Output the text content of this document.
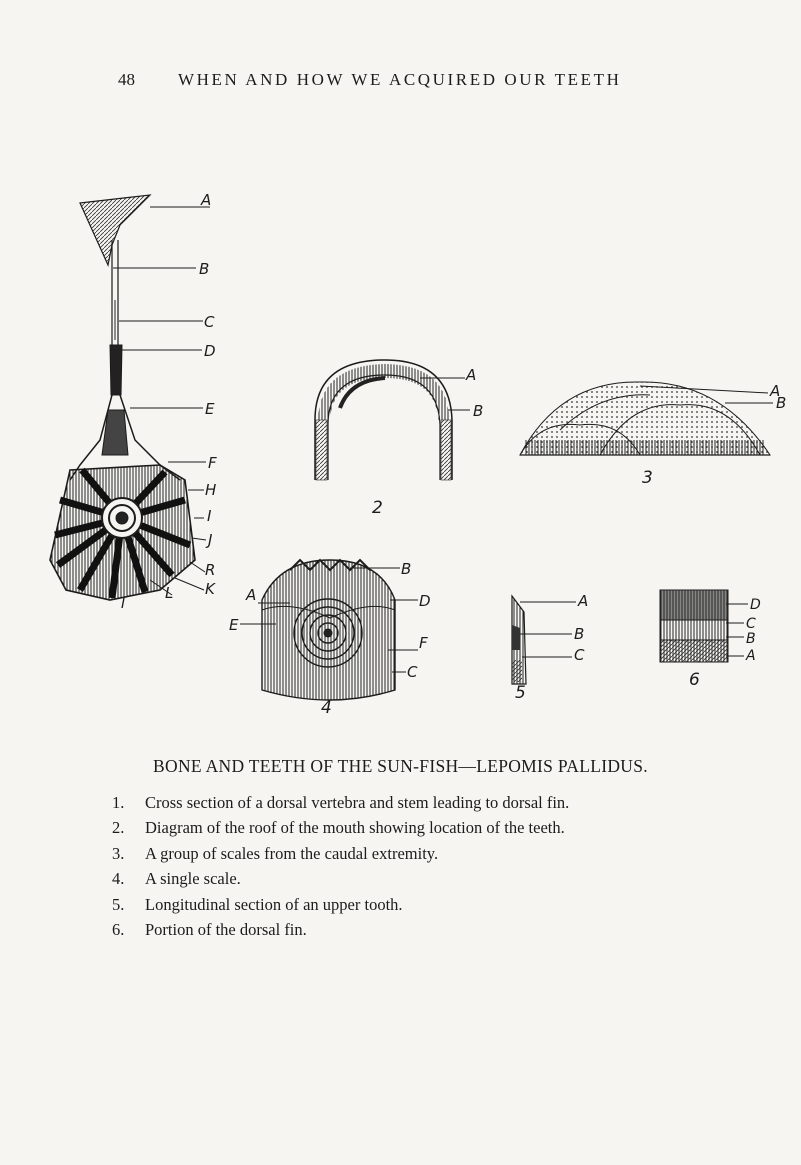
48	WHEN AND HOW WE ACQUIRED OUR TEETH
A
B
C
D
E
F
H
I
J
R
K
L
I
A
B
2
A
B
3
B
D
F
C
A
E
4
A
B
C
5
D
C
B
A
6
BONE AND TEETH OF THE SUN-FISH—LEPOMIS PALLIDUS.
1. Cross section of a dorsal vertebra and stem leading to dorsal fin.
2. Diagram of the roof of the mouth showing location of the teeth.
3. A group of scales from the caudal extremity.
4. A single scale.
5. Longitudinal section of an upper tooth.
6. Portion of the dorsal fin.
